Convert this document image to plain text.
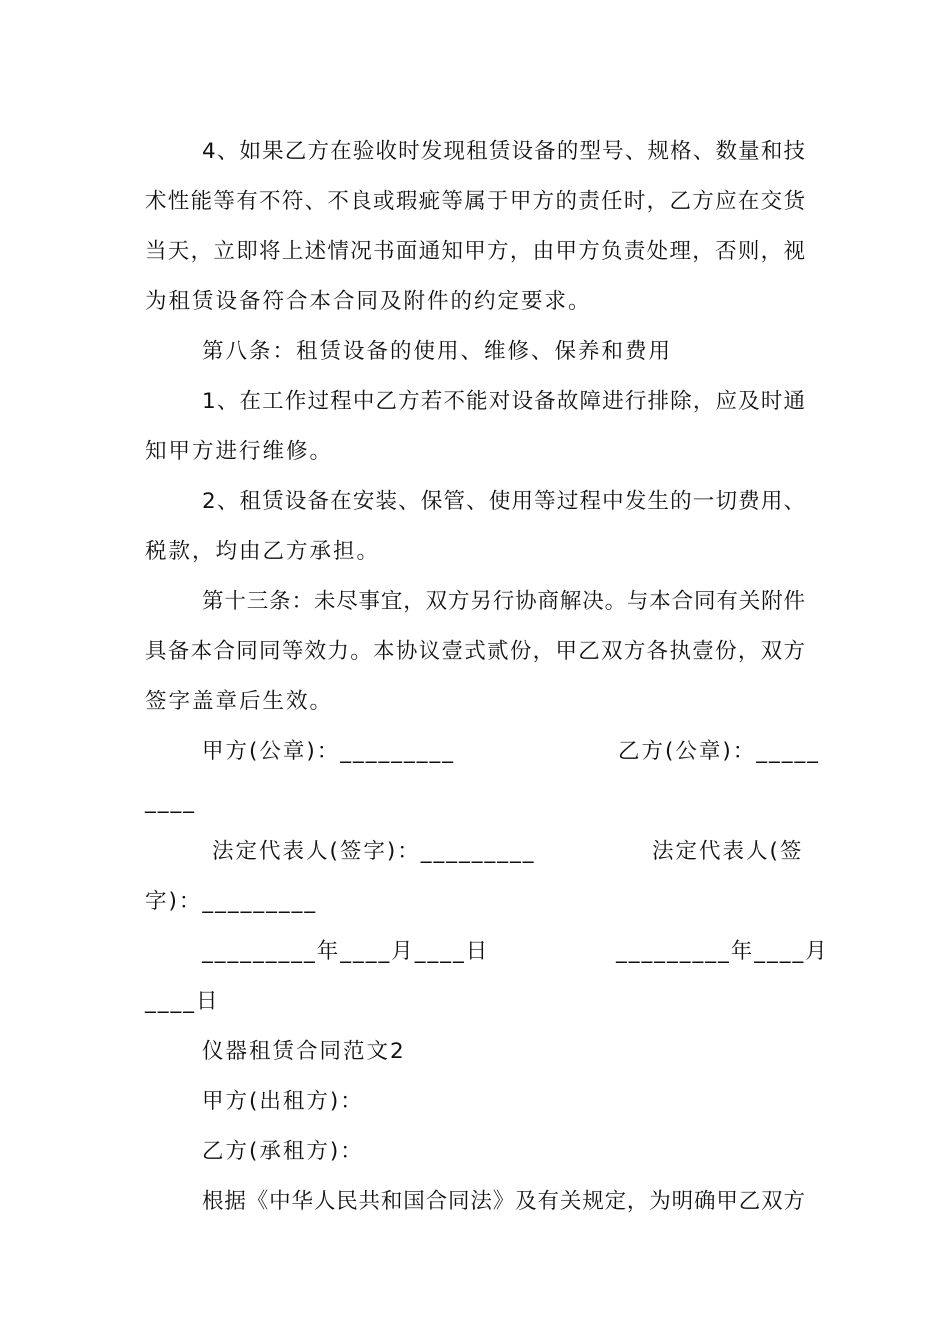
4、如果乙方在验收时发现租赁设备的型号、规格、数量和技
术性能等有不符、不良或瑕疵等属于甲方的责任时，乙方应在交货
当天，立即将上述情况书面通知甲方，由甲方负责处理，否则，视
为租赁设备符合本合同及附件的约定要求。
第八条：租赁设备的使用、维修、保养和费用
1、在工作过程中乙方若不能对设备故障进行排除，应及时通
知甲方进行维修。
2、租赁设备在安装、保管、使用等过程中发生的一切费用、
税款，均由乙方承担。
第十三条：未尽事宜，双方另行协商解决。与本合同有关附件
具备本合同同等效力。本协议壹式贰份，甲乙双方各执壹份，双方
签字盖章后生效。
甲方(公章)：_________	乙方(公章)：_____
____
法定代表人(签字)：_________	法定代表人(签
字)：_________
_________年____月____日	_________年____月
____日
仪器租赁合同范文2
甲方(出租方)：
乙方(承租方)：
根据《中华人民共和国合同法》及有关规定，为明确甲乙双方
